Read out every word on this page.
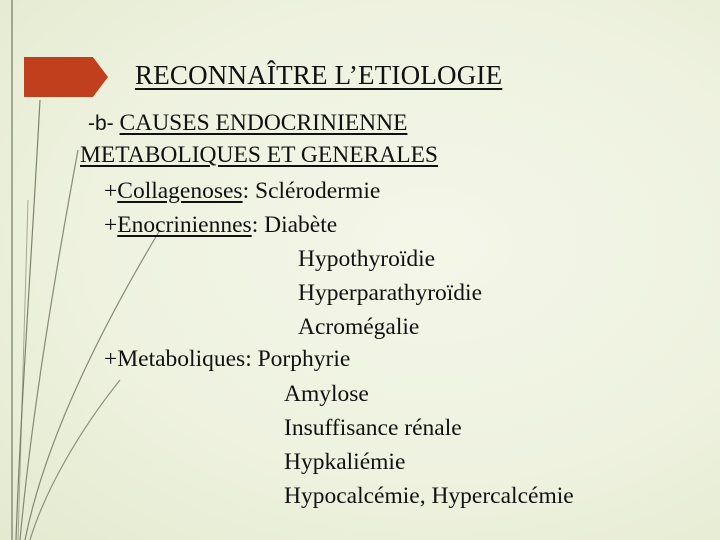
RECONNAÎTRE L’ETIOLOGIE
-b- CAUSES ENDOCRINIENNE
METABOLIQUES ET GENERALES
+Collagenoses: Sclérodermie
+Enocriniennes: Diabète
Hypothyroïdie
Hyperparathyroïdie
Acromégalie
+Metaboliques: Porphyrie
Amylose
Insuffisance rénale
Hypkaliémie
Hypocalcémie, Hypercalcémie
